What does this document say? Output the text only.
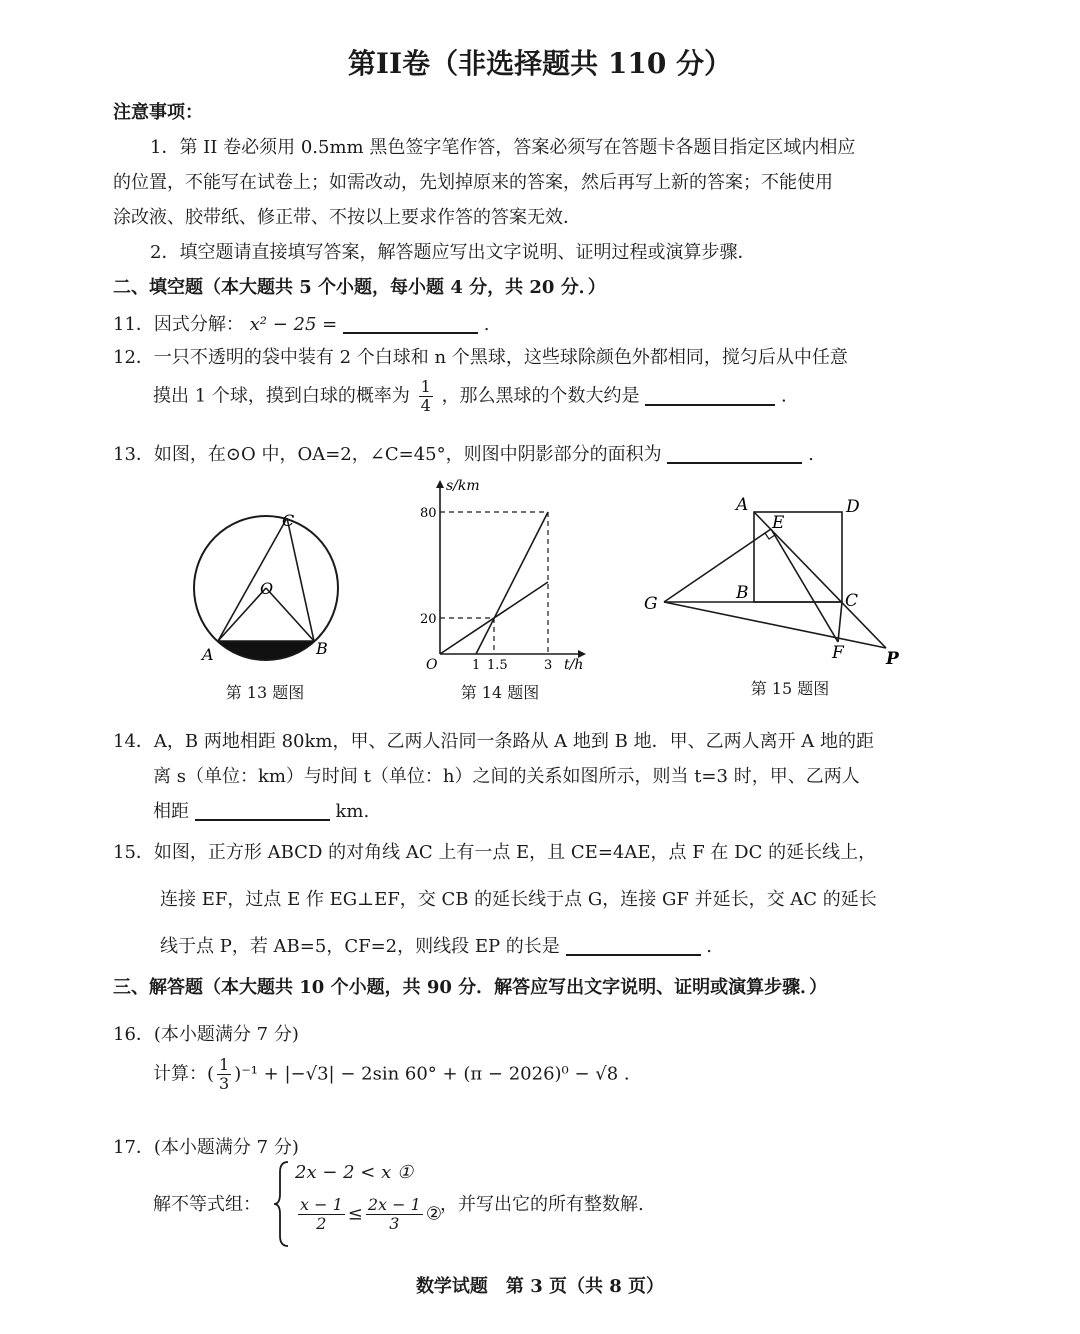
第II卷（非选择题共 110 分）
注意事项：
1．第 II 卷必须用 0.5mm 黑色签字笔作答，答案必须写在答题卡各题目指定区域内相应
的位置，不能写在试卷上；如需改动，先划掉原来的答案，然后再写上新的答案；不能使用
涂改液、胶带纸、修正带、不按以上要求作答的答案无效．
2．填空题请直接填写答案，解答题应写出文字说明、证明过程或演算步骤．
二、填空题（本大题共 5 个小题，每小题 4 分，共 20 分．）
11．因式分解： x² − 25 =	.
12．一只不透明的袋中装有 2 个白球和 n 个黑球，这些球除颜色外都相同，搅匀后从中任意
摸出 1 个球，摸到白球的概率为 $\frac{1}{4}$ ，那么黑球的个数大约是	.
13．如图，在⊙O 中，OA=2，∠C=45°，则图中阴影部分的面积为	.
C
O
A	B
第 13 题图
s/km
t/h
O
80
20
1 1.5	3
第 14 题图
A	D
E
B	C
G
F P
第 15 题图
14．A，B 两地相距 80km，甲、乙两人沿同一条路从 A 地到 B 地．甲、乙两人离开 A 地的距
离 s（单位：km）与时间 t（单位：h）之间的关系如图所示，则当 t=3 时，甲、乙两人
相距	km.
15．如图，正方形 ABCD 的对角线 AC 上有一点 E，且 CE=4AE，点 F 在 DC 的延长线上，
连接 EF，过点 E 作 EG⊥EF，交 CB 的延长线于点 G，连接 GF 并延长，交 AC 的延长
线于点 P，若 AB=5，CF=2，则线段 EP 的长是	.
三、解答题（本大题共 10 个小题，共 90 分．解答应写出文字说明、证明或演算步骤．）
16．(本小题满分 7 分)
计算：( $\frac{1}{3} )^{-1} + |-√3| - 2\sin$ 60° + (π − 2026)⁰ − √8 .
17．(本小题满分 7 分)
解不等式组：
2x − 2 < x ①
$\frac{x - 1}{2} \le \frac{2x - 1}{3}$ ②
，并写出它的所有整数解.
数学试题　第 3 页（共 8 页）
